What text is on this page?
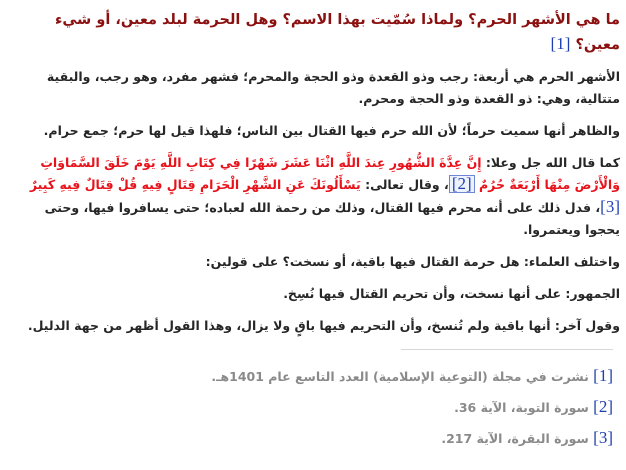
ما هي الأشهر الحرم؟ ولماذا سُمّيت بهذا الاسم؟ وهل الحرمة لبلد معين، أو شيء معين؟ [1]

الأشهر الحرم هي أربعة: رجب وذو القعدة وذو الحجة والمحرم؛ فشهر مفرد، وهو رجب، والبقية متتالية، وهي: ذو القعدة وذو الحجة ومحرم.

والظاهر أنها سميت حرماً؛ لأن الله حرم فيها القتال بين الناس؛ فلهذا قيل لها حرم؛ جمع حرام.

كما قال الله جل وعلا: إِنَّ عِدَّةَ الشُّهُورِ عِندَ اللَّهِ اثْنَا عَشَرَ شَهْرًا فِي كِتَابِ اللَّهِ يَوْمَ خَلَقَ السَّمَاوَاتِ وَالْأَرْضَ مِنْهَا أَرْبَعَةٌ حُرُمٌ [2]، وقال تعالى: يَسْأَلُونَكَ عَنِ الشَّهْرِ الْحَرَامِ قِتَالٍ فِيهِ قُلْ قِتَالٌ فِيهِ كَبِيرٌ [3]، فدل ذلك على أنه محرم فيها القتال، وذلك من رحمة الله لعباده؛ حتى يسافروا فيها، وحتى يحجوا ويعتمروا.

واختلف العلماء: هل حرمة القتال فيها باقية، أو نسخت؟ على قولين:

الجمهور: على أنها نسخت، وأن تحريم القتال فيها نُسِخ.

وقول آخر: أنها باقية ولم تُنسخ، وأن التحريم فيها باقٍ ولا يزال، وهذا القول أظهر من جهة الدليل.

[1] نشرت في مجلة (التوعية الإسلامية) العدد التاسع عام 1401هـ.
[2] سورة التوبة، الآية 36.
[3] سورة البقرة، الآية 217.
